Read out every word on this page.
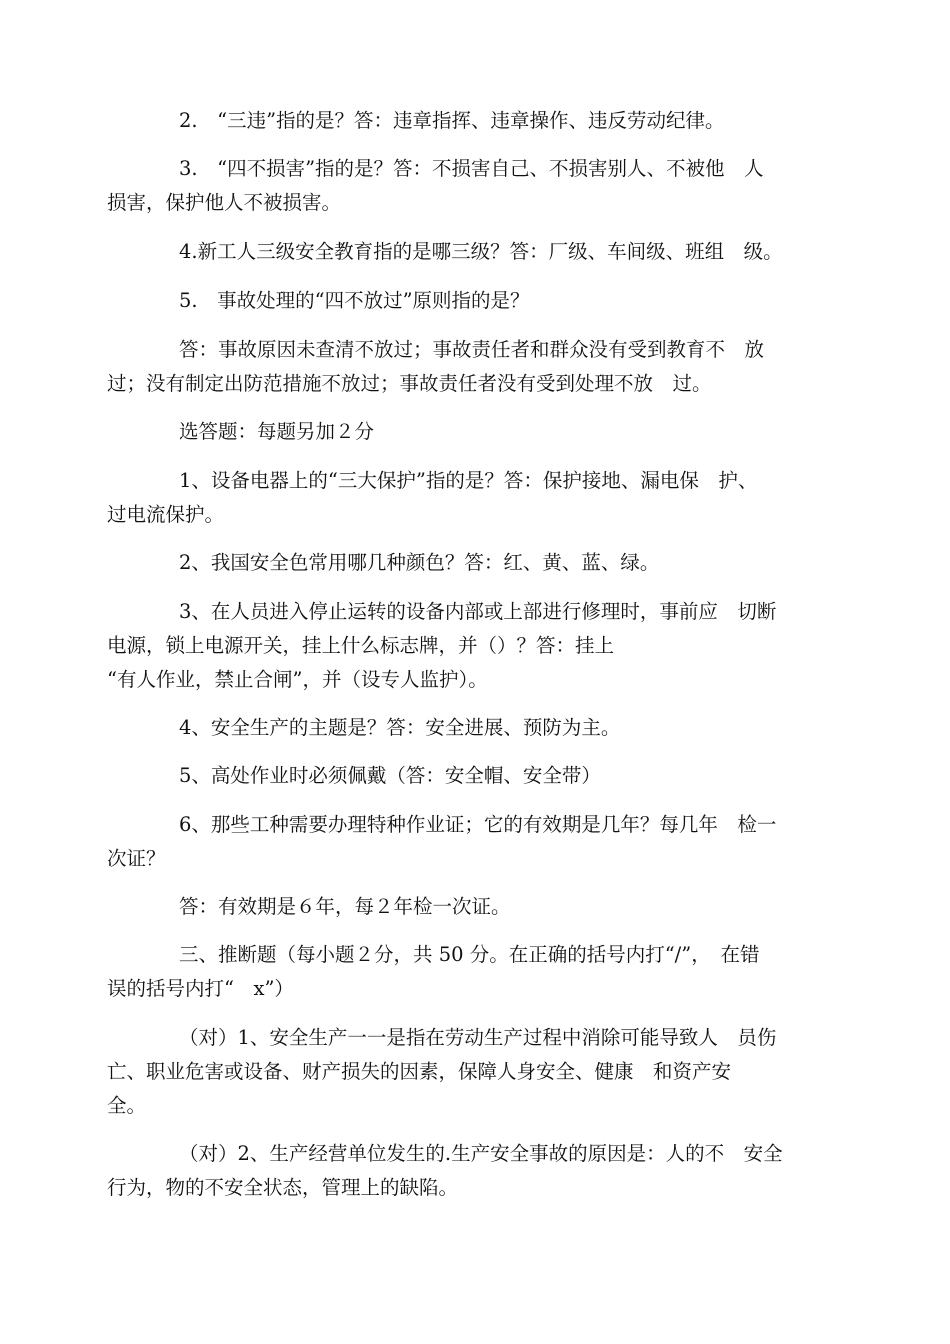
2.　“三违”指的是？答：违章指挥、违章操作、违反劳动纪律。

3.　“四不损害”指的是？答：不损害自己、不损害别人、不被他　人
损害，保护他人不被损害。

4.新工人三级安全教育指的是哪三级？答：厂级、车间级、班组　级。

5.　事故处理的“四不放过”原则指的是？

答：事故原因未查清不放过；事故责任者和群众没有受到教育不　放
过；没有制定出防范措施不放过；事故责任者没有受到处理不放　过。

选答题：每题另加２分

1、设备电器上的“三大保护”指的是？答：保护接地、漏电保　护、
过电流保护。

2、我国安全色常用哪几种颜色？答：红、黄、蓝、绿。

3、在人员进入停止运转的设备内部或上部进行修理时，事前应　切断
电源，锁上电源开关，挂上什么标志牌，并（）？答：挂上
“有人作业，禁止合闸”，并（设专人监护）。

4、安全生产的主题是？答：安全进展、预防为主。

5、高处作业时必须佩戴（答：安全帽、安全带）

6、那些工种需要办理特种作业证；它的有效期是几年？每几年　检一
次证？

答：有效期是６年，每２年检一次证。

三、推断题（每小题２分，共 50 分。在正确的括号内打“/”，　在错
误的括号内打“　x”）

（对）1、安全生产一一是指在劳动生产过程中消除可能导致人　员伤
亡、职业危害或设备、财产损失的因素，保障人身安全、健康　和资产安
全。

（对）2、生产经营单位发生的.生产安全事故的原因是：人的不　安全
行为，物的不安全状态，管理上的缺陷。
